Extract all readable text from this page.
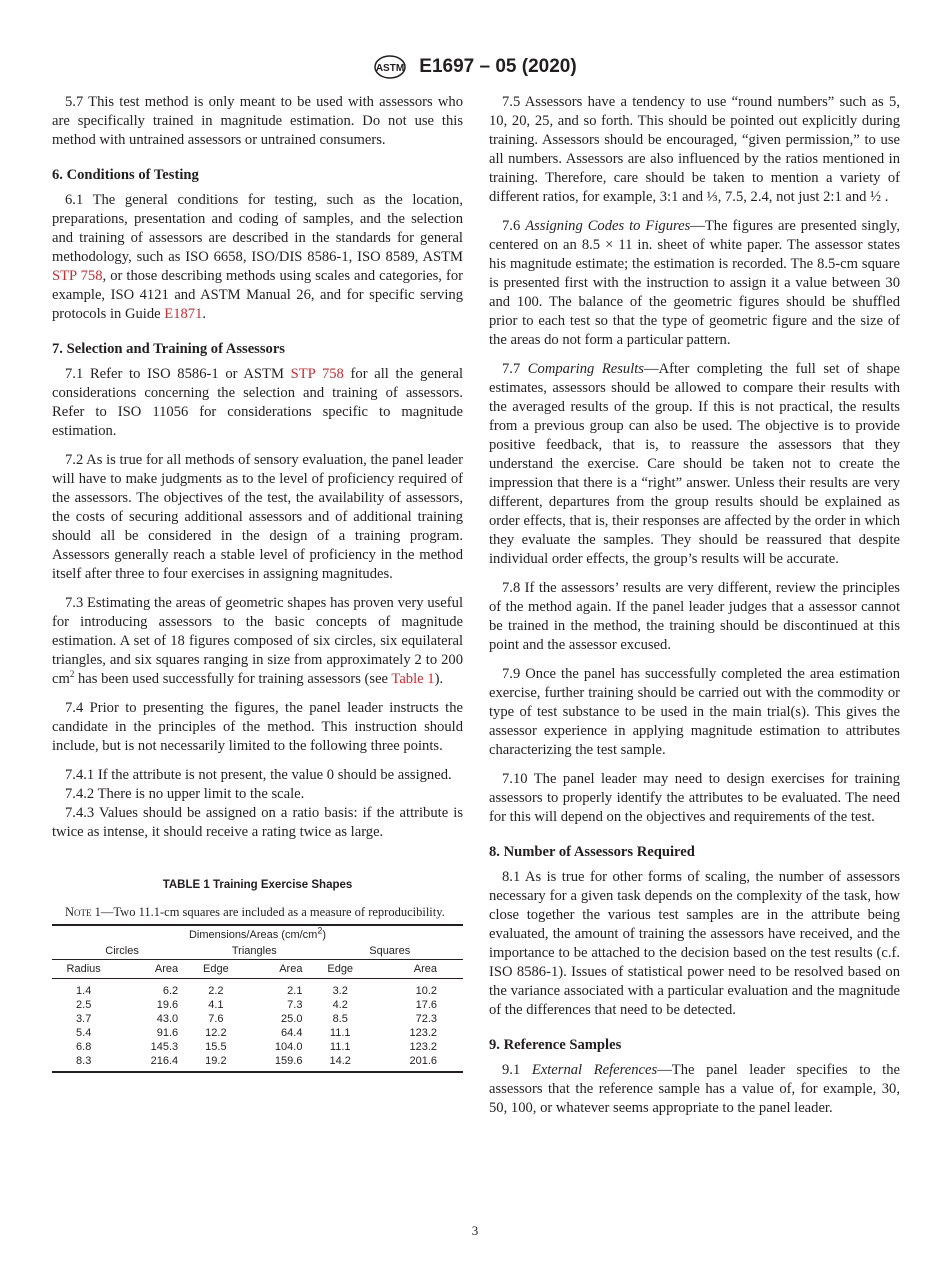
ASTM E1697 – 05 (2020)

5.7 This test method is only meant to be used with assessors who are specifically trained in magnitude estimation. Do not use this method with untrained assessors or untrained consumers.

6. Conditions of Testing

6.1 The general conditions for testing, such as the location, preparations, presentation and coding of samples, and the selection and training of assessors are described in the standards for general methodology, such as ISO 6658, ISO/DIS 8586-1, ISO 8589, ASTM STP 758, or those describing methods using scales and categories, for example, ISO 4121 and ASTM Manual 26, and for specific serving protocols in Guide E1871.

7. Selection and Training of Assessors

7.1 Refer to ISO 8586-1 or ASTM STP 758 for all the general considerations concerning the selection and training of assessors. Refer to ISO 11056 for considerations specific to magnitude estimation.

7.2 As is true for all methods of sensory evaluation, the panel leader will have to make judgments as to the level of proficiency required of the assessors. The objectives of the test, the availability of assessors, the costs of securing additional assessors and of additional training should all be considered in the design of a training program. Assessors generally reach a stable level of proficiency in the method itself after three to four exercises in assigning magnitudes.

7.3 Estimating the areas of geometric shapes has proven very useful for introducing assessors to the basic concepts of magnitude estimation. A set of 18 figures composed of six circles, six equilateral triangles, and six squares ranging in size from approximately 2 to 200 $cm^2$ has been used successfully for training assessors (see Table 1).

7.4 Prior to presenting the figures, the panel leader instructs the candidate in the principles of the method. This instruction should include, but is not necessarily limited to the following three points.

7.4.1 If the attribute is not present, the value 0 should be assigned.

7.4.2 There is no upper limit to the scale.

7.4.3 Values should be assigned on a ratio basis: if the attribute is twice as intense, it should receive a rating twice as large.

TABLE 1 Training Exercise Shapes
Note 1—Two 11.1-cm squares are included as a measure of reproducibility.
Dimensions/Areas $(cm/cm^2)$					
Circles		Triangles		Squares	
Radius	Area	Edge	Area	Edge	Area
1.4	6.2	2.2	2.1	3.2	10.2
2.5	19.6	4.1	7.3	4.2	17.6
3.7	43.0	7.6	25.0	8.5	72.3
5.4	91.6	12.2	64.4	11.1	123.2
6.8	145.3	15.5	104.0	11.1	123.2
8.3	216.4	19.2	159.6	14.2	201.6

7.5 Assessors have a tendency to use “round numbers” such as 5, 10, 20, 25, and so forth. This should be pointed out explicitly during training. Assessors should be encouraged, “given permission,” to use all numbers. Assessors are also influenced by the ratios mentioned in training. Therefore, care should be taken to mention a variety of different ratios, for example, 3:1 and ⅓, 7.5, 2.4, not just 2:1 and ½ .

7.6 Assigning Codes to Figures—The figures are presented singly, centered on an 8.5 × 11 in. sheet of white paper. The assessor states his magnitude estimate; the estimation is recorded. The 8.5-cm square is presented first with the instruction to assign it a value between 30 and 100. The balance of the geometric figures should be shuffled prior to each test so that the type of geometric figure and the size of the areas do not form a particular pattern.

7.7 Comparing Results—After completing the full set of shape estimates, assessors should be allowed to compare their results with the averaged results of the group. If this is not practical, the results from a previous group can also be used. The objective is to provide positive feedback, that is, to reassure the assessors that they understand the exercise. Care should be taken not to create the impression that there is a “right” answer. Unless their results are very different, departures from the group results should be explained as order effects, that is, their responses are affected by the order in which they evaluate the samples. They should be reassured that despite individual order effects, the group’s results will be accurate.

7.8 If the assessors’ results are very different, review the principles of the method again. If the panel leader judges that a assessor cannot be trained in the method, the training should be discontinued at this point and the assessor excused.

7.9 Once the panel has successfully completed the area estimation exercise, further training should be carried out with the commodity or type of test substance to be used in the main trial(s). This gives the assessor experience in applying magnitude estimation to attributes characterizing the test sample.

7.10 The panel leader may need to design exercises for training assessors to properly identify the attributes to be evaluated. The need for this will depend on the objectives and requirements of the test.

8. Number of Assessors Required

8.1 As is true for other forms of scaling, the number of assessors necessary for a given task depends on the complexity of the task, how close together the various test samples are in the attribute being evaluated, the amount of training the assessors have received, and the importance to be attached to the decision based on the test results (c.f. ISO 8586-1). Issues of statistical power need to be resolved based on the variance associated with a particular evaluation and the magnitude of the differences that need to be detected.

9. Reference Samples

9.1 External References—The panel leader specifies to the assessors that the reference sample has a value of, for example, 30, 50, 100, or whatever seems appropriate to the panel leader.

3
